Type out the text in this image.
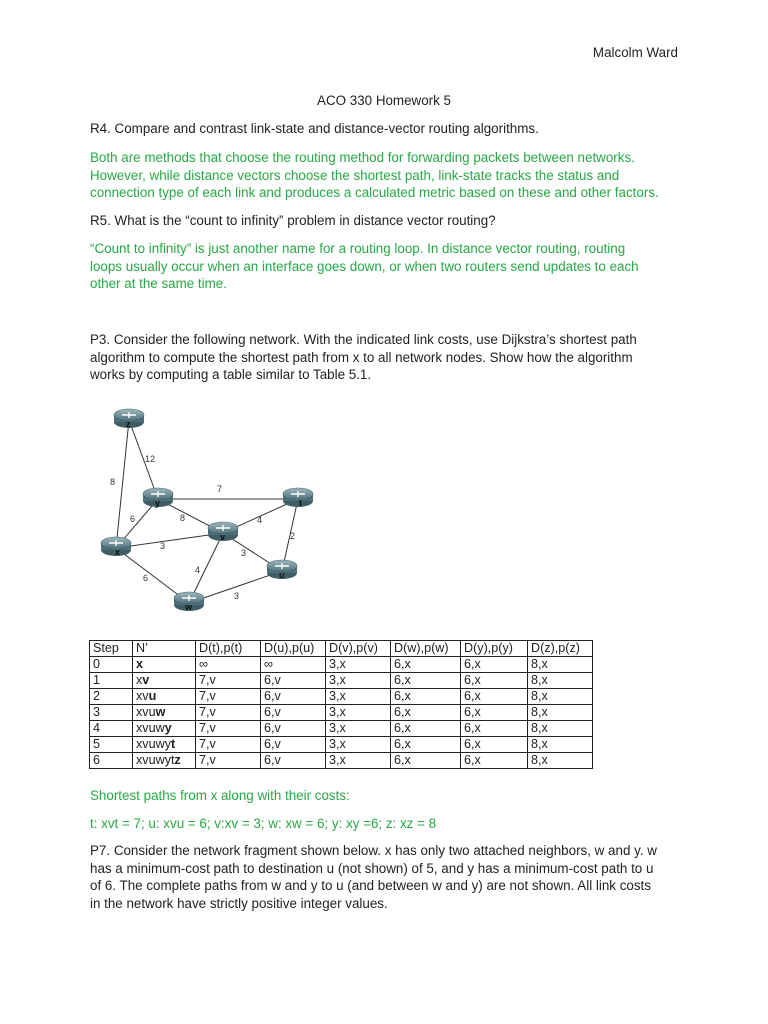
Malcolm Ward
ACO 330 Homework 5

R4. Compare and contrast link-state and distance-vector routing algorithms.

Both are methods that choose the routing method for forwarding packets between networks.
However, while distance vectors choose the shortest path, link-state tracks the status and
connection type of each link and produces a calculated metric based on these and other factors.

R5. What is the “count to infinity” problem in distance vector routing?

“Count to infinity” is just another name for a routing loop. In distance vector routing, routing
loops usually occur when an interface goes down, or when two routers send updates to each
other at the same time.
P3. Consider the following network. With the indicated link costs, use Dijkstra’s shortest path
algorithm to compute the shortest path from x to all network nodes. Show how the algorithm
works by computing a table similar to Table 5.1.
8
12
7
6	8	4
3
3
4
2
6
3
z
y	t
v
x
u
w
Step	N’	D(t),p(t)	D(u),p(u)	D(v),p(v)	D(w),p(w)	D(y),p(y)	D(z),p(z)
0	x	∞	∞	3,x	6,x	6,x	8,x
1	xv	7,v	6,v	3,x	6,x	6,x	8,x
2	xvu	7,v	6,v	3,x	6,x	6,x	8,x
3	xvuw	7,v	6,v	3,x	6,x	6,x	8,x
4	xvuwy	7,v	6,v	3,x	6,x	6,x	8,x
5	xvuwyt	7,v	6,v	3,x	6,x	6,x	8,x
6	xvuwytz	7,v	6,v	3,x	6,x	6,x	8,x
Shortest paths from x along with their costs:
t: xvt = 7; u: xvu = 6; v:xv = 3; w: xw = 6; y: xy =6; z: xz = 8
P7. Consider the network fragment shown below. x has only two attached neighbors, w and y. w
has a minimum-cost path to destination u (not shown) of 5, and y has a minimum-cost path to u
of 6. The complete paths from w and y to u (and between w and y) are not shown. All link costs
in the network have strictly positive integer values.
